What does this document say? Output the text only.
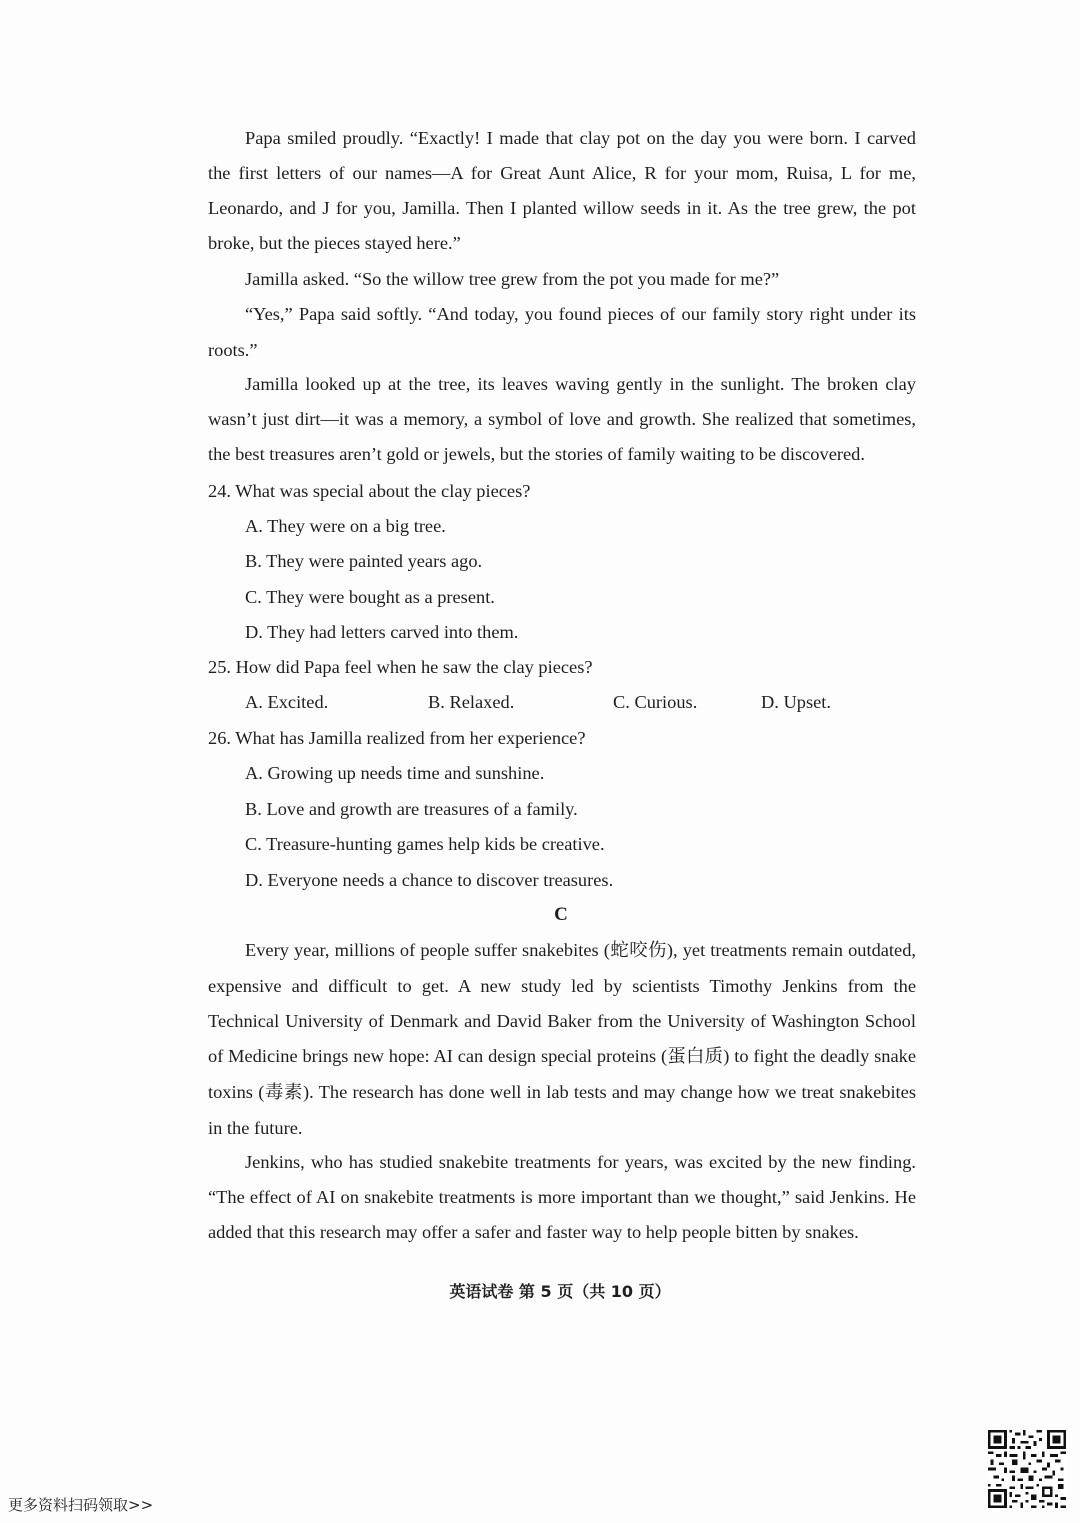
Papa smiled proudly. “Exactly! I made that clay pot on the day you were born. I carved
the first letters of our names—A for Great Aunt Alice, R for your mom, Ruisa, L for me,
Leonardo, and J for you, Jamilla. Then I planted willow seeds in it. As the tree grew, the pot
broke, but the pieces stayed here.”
Jamilla asked. “So the willow tree grew from the pot you made for me?”
“Yes,” Papa said softly. “And today, you found pieces of our family story right under its
roots.”
Jamilla looked up at the tree, its leaves waving gently in the sunlight. The broken clay
wasn’t just dirt—it was a memory, a symbol of love and growth. She realized that sometimes,
the best treasures aren’t gold or jewels, but the stories of family waiting to be discovered.
24. What was special about the clay pieces?
A. They were on a big tree.
B. They were painted years ago.
C. They were bought as a present.
D. They had letters carved into them.
25. How did Papa feel when he saw the clay pieces?
A. Excited.	B. Relaxed.	C. Curious.	D. Upset.
26. What has Jamilla realized from her experience?
A. Growing up needs time and sunshine.
B. Love and growth are treasures of a family.
C. Treasure-hunting games help kids be creative.
D. Everyone needs a chance to discover treasures.
C
Every year, millions of people suffer snakebites (蛇咬伤), yet treatments remain outdated,
expensive and difficult to get. A new study led by scientists Timothy Jenkins from the
Technical University of Denmark and David Baker from the University of Washington School
of Medicine brings new hope: AI can design special proteins (蛋白质) to fight the deadly snake
toxins (毒素). The research has done well in lab tests and may change how we treat snakebites
in the future.
Jenkins, who has studied snakebite treatments for years, was excited by the new finding.
“The effect of AI on snakebite treatments is more important than we thought,” said Jenkins. He
added that this research may offer a safer and faster way to help people bitten by snakes.
英语试卷 第 5 页（共 10 页）
更多资料扫码领取>>
